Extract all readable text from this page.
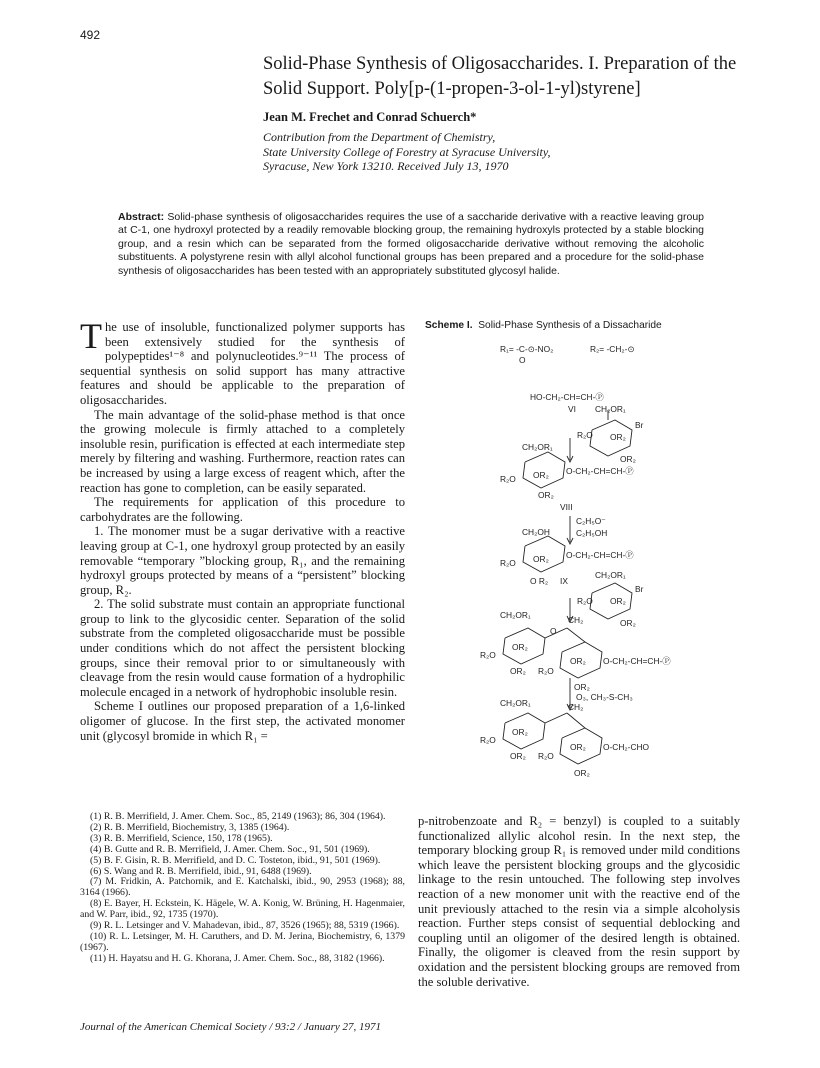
492
Solid-Phase Synthesis of Oligosaccharides. I. Preparation of the Solid Support. Poly[p-(1-propen-3-ol-1-yl)styrene]
Jean M. Frechet and Conrad Schuerch*
Contribution from the Department of Chemistry,
State University College of Forestry at Syracuse University,
Syracuse, New York 13210. Received July 13, 1970
Abstract: Solid-phase synthesis of oligosaccharides requires the use of a saccharide derivative with a reactive leaving group at C-1, one hydroxyl protected by a readily removable blocking group, the remaining hydroxyls protected by a stable blocking group, and a resin which can be separated from the formed oligosaccharide derivative without removing the alcoholic substituents. A polystyrene resin with allyl alcohol functional groups has been prepared and a procedure for the solid-phase synthesis of oligosaccharides has been tested with an appropriately substituted glycosyl halide.

The use of insoluble, functionalized polymer supports has been extensively studied for the synthesis of polypeptides¹⁻⁸ and polynucleotides.⁹⁻¹¹ The process of sequential synthesis on solid support has many attractive features and should be applicable to the preparation of oligosaccharides.

The main advantage of the solid-phase method is that once the growing molecule is firmly attached to a completely insoluble resin, purification is effected at each intermediate step merely by filtering and washing. Furthermore, reaction rates can be increased by using a large excess of reagent which, after the reaction has gone to completion, can be easily separated.

The requirements for application of this procedure to carbohydrates are the following.

1. The monomer must be a sugar derivative with a reactive leaving group at C-1, one hydroxyl group protected by an easily removable “temporary ”blocking group, R₁, and the remaining hydroxyl groups protected by means of a “persistent” blocking group, R₂.

2. The solid substrate must contain an appropriate functional group to link to the glycosidic center. Separation of the solid substrate from the completed oligosaccharide must be possible under conditions which do not affect the persistent blocking groups, since their removal prior to or simultaneously with cleavage from the resin would cause formation of a hydrophilic molecule encaged in a network of hydrophobic insoluble resin.

Scheme I outlines our proposed preparation of a 1,6-linked oligomer of glucose. In the first step, the activated monomer unit (glycosyl bromide in which R₁ =

(1) R. B. Merrifield, J. Amer. Chem. Soc., 85, 2149 (1963); 86, 304 (1964).
(2) R. B. Merrifield, Biochemistry, 3, 1385 (1964).
(3) R. B. Merrifield, Science, 150, 178 (1965).
(4) B. Gutte and R. B. Merrifield, J. Amer. Chem. Soc., 91, 501 (1969).
(5) B. F. Gisin, R. B. Merrifield, and D. C. Tosteton, ibid., 91, 501 (1969).
(6) S. Wang and R. B. Merrifield, ibid., 91, 6488 (1969).
(7) M. Fridkin, A. Patchornik, and E. Katchalski, ibid., 90, 2953 (1968); 88, 3164 (1966).
(8) E. Bayer, H. Eckstein, K. Hägele, W. A. Konig, W. Brüning, H. Hagenmaier, and W. Parr, ibid., 92, 1735 (1970).
(9) R. L. Letsinger and V. Mahadevan, ibid., 87, 3526 (1965); 88, 5319 (1966).
(10) R. L. Letsinger, M. H. Caruthers, and D. M. Jerina, Biochemistry, 6, 1379 (1967).
(11) H. Hayatsu and H. G. Khorana, J. Amer. Chem. Soc., 88, 3182 (1966).
Journal of the American Chemical Society / 93:2 / January 27, 1971
Scheme I. Solid-Phase Synthesis of a Dissacharide
R₁= -C-⊙-NO₂
O
R₂= -CH₂-⊙
HO-CH₂-CH=CH-Ⓟ
VI CH₂OR₁
Br
OR₂
R₂O
OR₂
CH₂OR₁
R₂O OR₂ O-CH₂-CH=CH-Ⓟ
OR₂
VIII
C₂H₅O⁻
C₂H₅OH
CH₂OH
R₂O OR₂ O-CH₂-CH=CH-Ⓟ
O R₂ IX
CH₂OR₁
Br
OR₂
R₂O
OR₂
CH₂OR₁	CH₂
O
R₂O
OR₂
OR₂ R₂O
OR₂ O-CH₂-CH=CH-Ⓟ
OR₂
O₃, CH₃-S-CH₃
CH₂OR₁	CH₂
R₂O
OR₂
OR₂ R₂O
OR₂ O-CH₂-CHO
OR₂

p-nitrobenzoate and R₂ = benzyl) is coupled to a suitably functionalized allylic alcohol resin. In the next step, the temporary blocking group R₁ is removed under mild conditions which leave the persistent blocking groups and the glycosidic linkage to the resin untouched. The following step involves reaction of a new monomer unit with the reactive end of the unit previously attached to the resin via a simple alcoholysis reaction. Further steps consist of sequential deblocking and coupling until an oligomer of the desired length is obtained. Finally, the oligomer is cleaved from the resin support by oxidation and the persistent blocking groups are removed from the soluble derivative.
